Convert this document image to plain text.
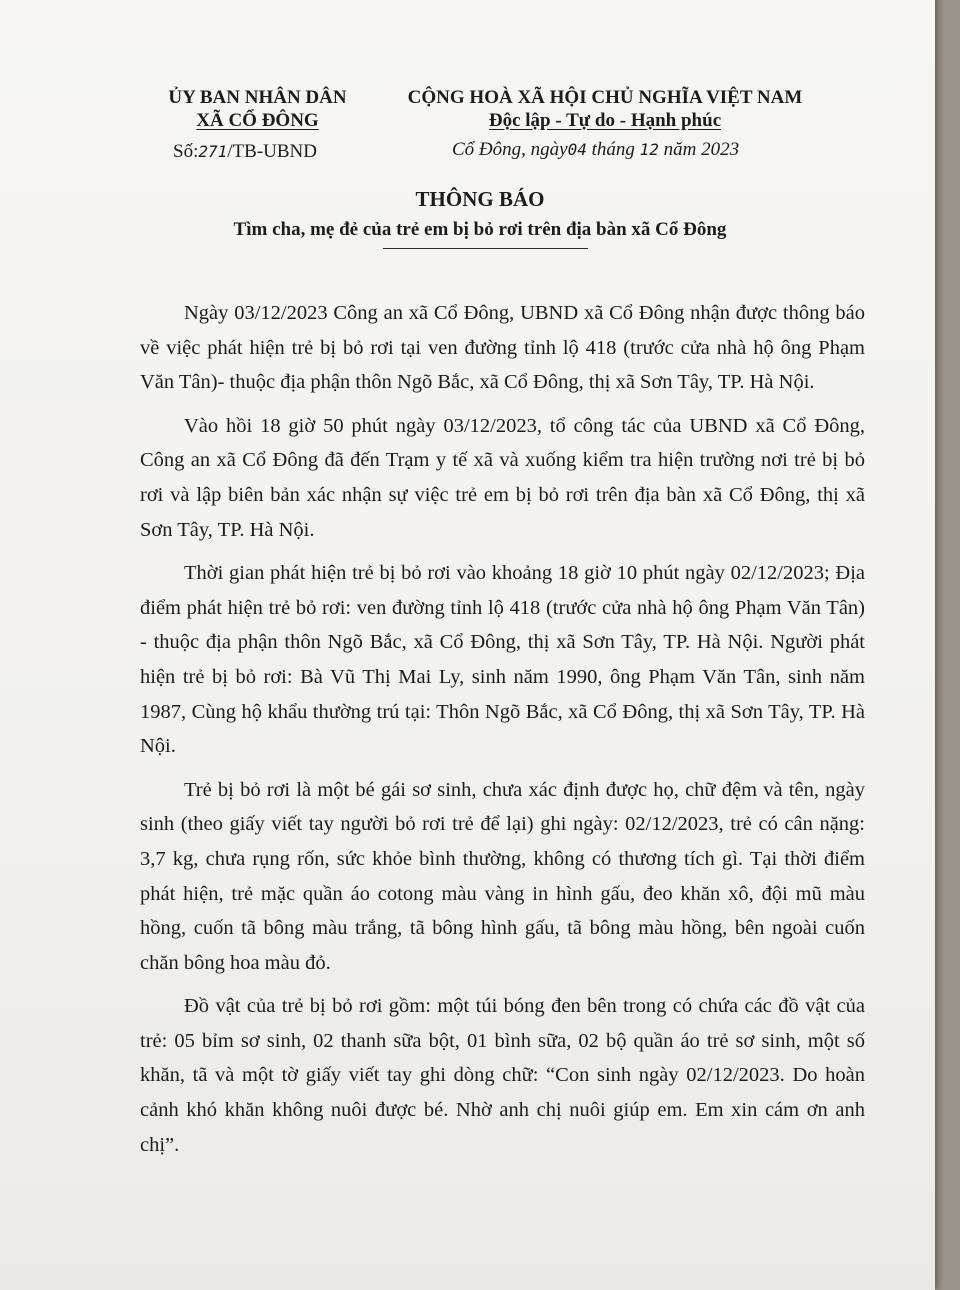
ỦY BAN NHÂN DÂN
XÃ CỔ ĐÔNG
CỘNG HOÀ XÃ HỘI CHỦ NGHĨA VIỆT NAM
Độc lập - Tự do - Hạnh phúc
Số:271/TB-UBND	Cổ Đông, ngày04 tháng 12 năm 2023
THÔNG BÁO
Tìm cha, mẹ đẻ của trẻ em bị bỏ rơi trên địa bàn xã Cổ Đông

Ngày 03/12/2023 Công an xã Cổ Đông, UBND xã Cổ Đông nhận được thông báo về việc phát hiện trẻ bị bỏ rơi tại ven đường tỉnh lộ 418 (trước cửa nhà hộ ông Phạm Văn Tân)- thuộc địa phận thôn Ngõ Bắc, xã Cổ Đông, thị xã Sơn Tây, TP. Hà Nội.

Vào hồi 18 giờ 50 phút ngày 03/12/2023, tổ công tác của UBND xã Cổ Đông, Công an xã Cổ Đông đã đến Trạm y tế xã và xuống kiểm tra hiện trường nơi trẻ bị bỏ rơi và lập biên bản xác nhận sự việc trẻ em bị bỏ rơi trên địa bàn xã Cổ Đông, thị xã Sơn Tây, TP. Hà Nội.

Thời gian phát hiện trẻ bị bỏ rơi vào khoảng 18 giờ 10 phút ngày 02/12/2023; Địa điểm phát hiện trẻ bỏ rơi: ven đường tỉnh lộ 418 (trước cửa nhà hộ ông Phạm Văn Tân) - thuộc địa phận thôn Ngõ Bắc, xã Cổ Đông, thị xã Sơn Tây, TP. Hà Nội. Người phát hiện trẻ bị bỏ rơi: Bà Vũ Thị Mai Ly, sinh năm 1990, ông Phạm Văn Tân, sinh năm 1987, Cùng hộ khẩu thường trú tại: Thôn Ngõ Bắc, xã Cổ Đông, thị xã Sơn Tây, TP. Hà Nội.

Trẻ bị bỏ rơi là một bé gái sơ sinh, chưa xác định được họ, chữ đệm và tên, ngày sinh (theo giấy viết tay người bỏ rơi trẻ để lại) ghi ngày: 02/12/2023, trẻ có cân nặng: 3,7 kg, chưa rụng rốn, sức khỏe bình thường, không có thương tích gì. Tại thời điểm phát hiện, trẻ mặc quần áo cotong màu vàng in hình gấu, đeo khăn xô, đội mũ màu hồng, cuốn tã bông màu trắng, tã bông hình gấu, tã bông màu hồng, bên ngoài cuốn chăn bông hoa màu đỏ.

Đồ vật của trẻ bị bỏ rơi gồm: một túi bóng đen bên trong có chứa các đồ vật của trẻ: 05 bỉm sơ sinh, 02 thanh sữa bột, 01 bình sữa, 02 bộ quần áo trẻ sơ sinh, một số khăn, tã và một tờ giấy viết tay ghi dòng chữ: “Con sinh ngày 02/12/2023. Do hoàn cảnh khó khăn không nuôi được bé. Nhờ anh chị nuôi giúp em. Em xin cám ơn anh chị”.
